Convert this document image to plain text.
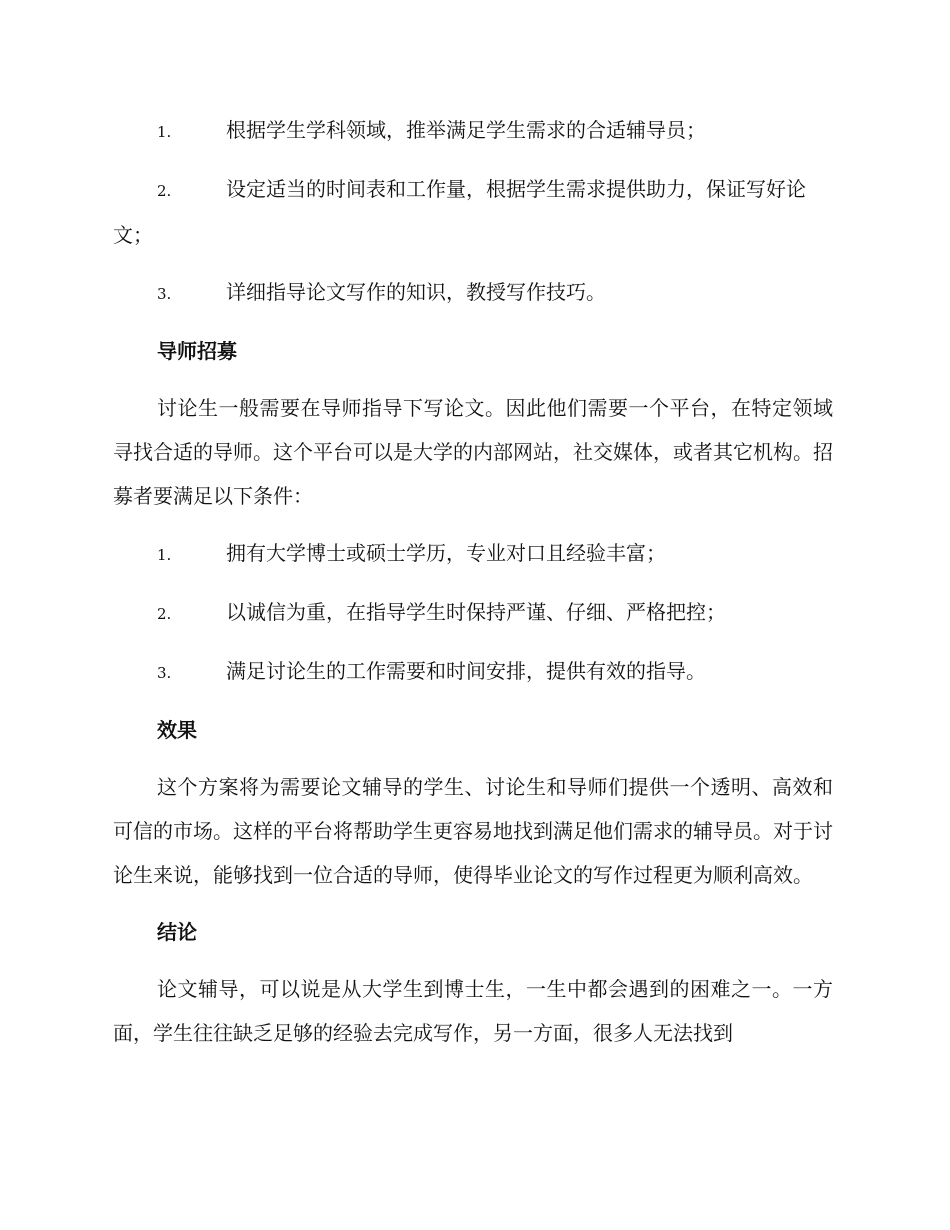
1.	根据学生学科领域，推举满足学生需求的合适辅导员；
2.	设定适当的时间表和工作量，根据学生需求提供助力，保证写好论文；
3.	详细指导论文写作的知识，教授写作技巧。
导师招募

讨论生一般需要在导师指导下写论文。因此他们需要一个平台，在特定领域寻找合适的导师。这个平台可以是大学的内部网站，社交媒体，或者其它机构。招募者要满足以下条件：

1.	拥有大学博士或硕士学历，专业对口且经验丰富；
2.	以诚信为重，在指导学生时保持严谨、仔细、严格把控；
3.	满足讨论生的工作需要和时间安排，提供有效的指导。
效果

这个方案将为需要论文辅导的学生、讨论生和导师们提供一个透明、高效和可信的市场。这样的平台将帮助学生更容易地找到满足他们需求的辅导员。对于讨论生来说，能够找到一位合适的导师，使得毕业论文的写作过程更为顺利高效。

结论

论文辅导，可以说是从大学生到博士生，一生中都会遇到的困难之一。一方面，学生往往缺乏足够的经验去完成写作，另一方面，很多人无法找到
